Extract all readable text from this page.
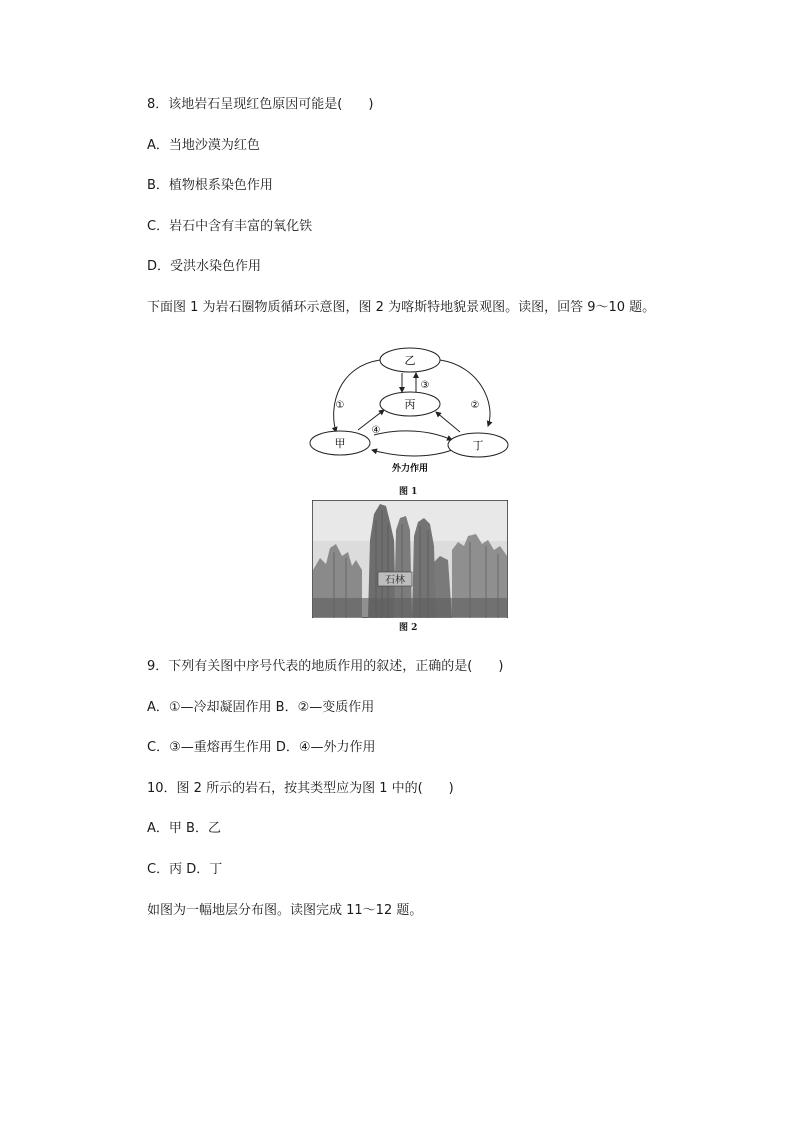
8．该地岩石呈现红色原因可能是(　　)
A．当地沙漠为红色
B．植物根系染色作用
C．岩石中含有丰富的氧化铁
D．受洪水染色作用
下面图 1 为岩石圈物质循环示意图，图 2 为喀斯特地貌景观图。读图，回答 9～10 题。
乙
丙
甲	丁
①	②
③
④
外力作用
图 1
石林
图 2
9．下列有关图中序号代表的地质作用的叙述，正确的是(　　)
A．①—冷却凝固作用 B．②—变质作用
C．③—重熔再生作用 D．④—外力作用
10．图 2 所示的岩石，按其类型应为图 1 中的(　　)
A．甲 B．乙
C．丙 D．丁
如图为一幅地层分布图。读图完成 11～12 题。
